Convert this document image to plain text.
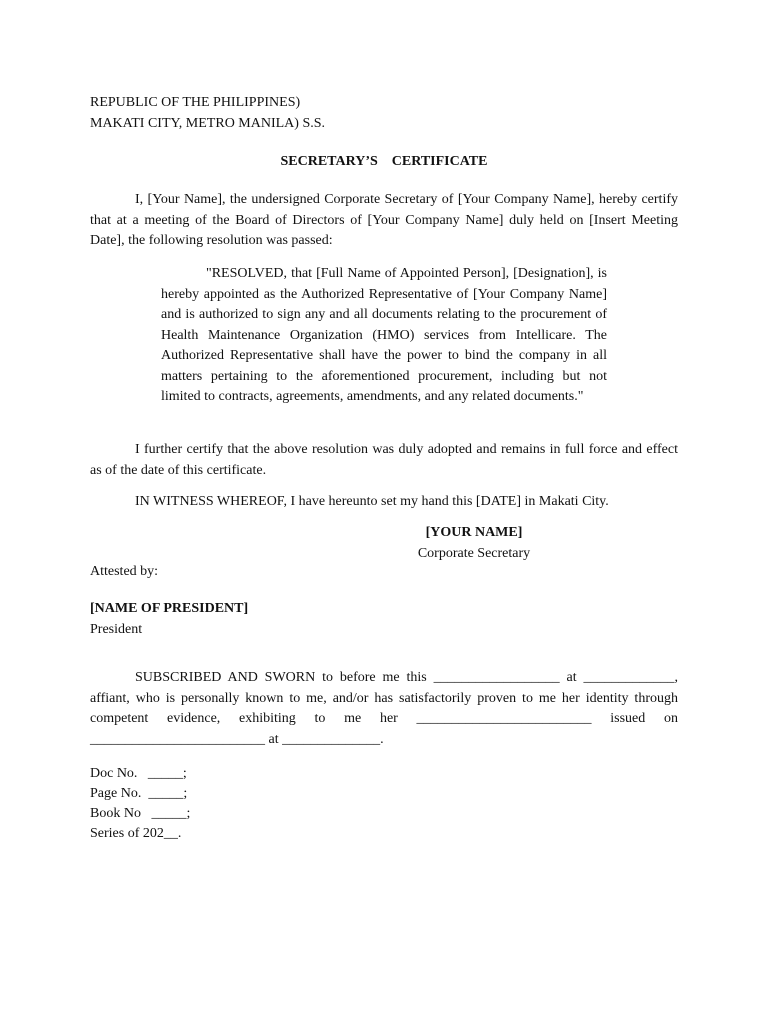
REPUBLIC OF THE PHILIPPINES)
MAKATI CITY, METRO MANILA) S.S.
SECRETARY’S    CERTIFICATE
I, [Your Name], the undersigned Corporate Secretary of [Your Company Name], hereby certify that at a meeting of the Board of Directors of [Your Company Name] duly held on [Insert Meeting Date], the following resolution was passed:
"RESOLVED, that [Full Name of Appointed Person], [Designation], is hereby appointed as the Authorized Representative of [Your Company Name] and is authorized to sign any and all documents relating to the procurement of Health Maintenance Organization (HMO) services from Intellicare. The Authorized Representative shall have the power to bind the company in all matters pertaining to the aforementioned procurement, including but not limited to contracts, agreements, amendments, and any related documents."
I further certify that the above resolution was duly adopted and remains in full force and effect as of the date of this certificate.
IN WITNESS WHEREOF, I have hereunto set my hand this [DATE] in Makati City.
[YOUR NAME]
Corporate Secretary
Attested by:
[NAME OF PRESIDENT]
President
SUBSCRIBED AND SWORN to before me this __________________ at _____________, affiant, who is personally known to me, and/or has satisfactorily proven to me her identity through competent evidence, exhibiting to me her _________________________ issued on _________________________ at ______________.
Doc No.   _____;
Page No.  _____;
Book No   _____;
Series of 202__.
